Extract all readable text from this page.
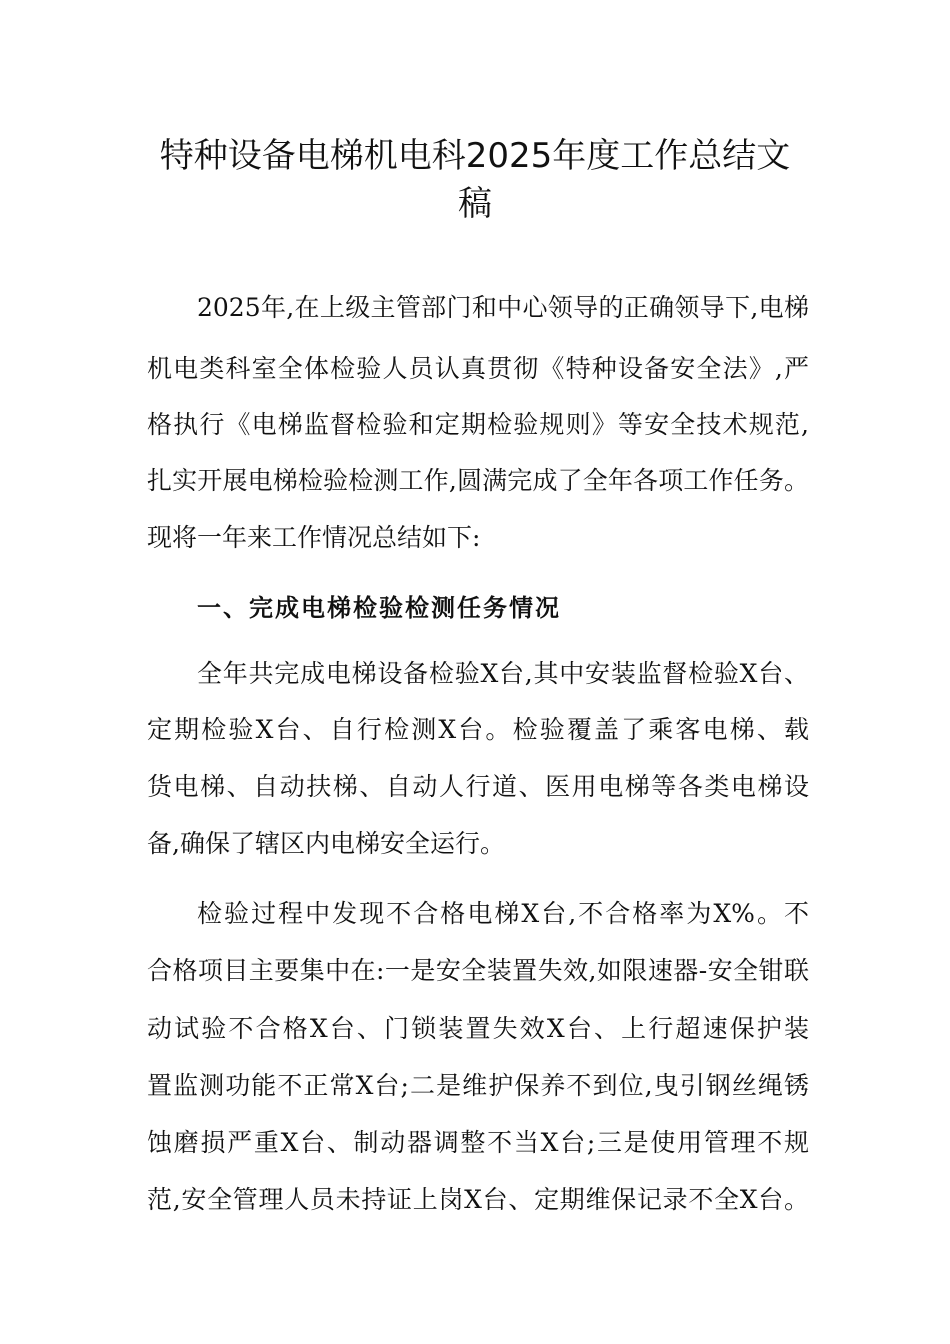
特种设备电梯机电科2025年度工作总结文
稿
2025年,在上级主管部门和中心领导的正确领导下,电梯
机电类科室全体检验人员认真贯彻《特种设备安全法》,严
格执行《电梯监督检验和定期检验规则》等安全技术规范,
扎实开展电梯检验检测工作,圆满完成了全年各项工作任务。
现将一年来工作情况总结如下:
一、完成电梯检验检测任务情况
全年共完成电梯设备检验X台,其中安装监督检验X台、
定期检验X台、自行检测X台。检验覆盖了乘客电梯、载
货电梯、自动扶梯、自动人行道、医用电梯等各类电梯设
备,确保了辖区内电梯安全运行。
检验过程中发现不合格电梯X台,不合格率为X%。不
合格项目主要集中在:一是安全装置失效,如限速器-安全钳联
动试验不合格X台、门锁装置失效X台、上行超速保护装
置监测功能不正常X台;二是维护保养不到位,曳引钢丝绳锈
蚀磨损严重X台、制动器调整不当X台;三是使用管理不规
范,安全管理人员未持证上岗X台、定期维保记录不全X台。
